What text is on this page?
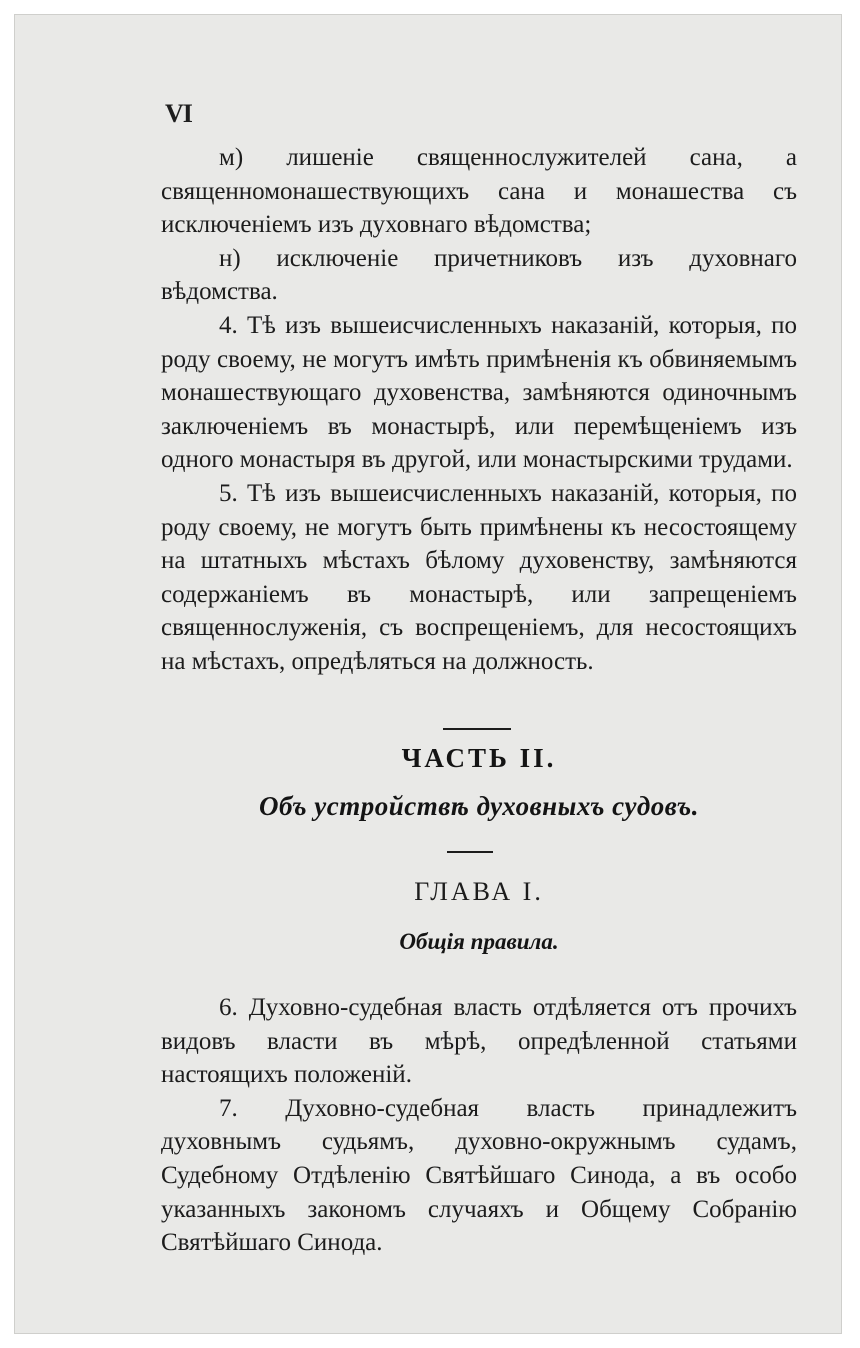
VI

м) лишеніе священнослужителей сана, а священномонашествующихъ сана и монашества съ исключеніемъ изъ духовнаго вѣдомства;

н) исключеніе причетниковъ изъ духовнаго вѣдомства.

4. Тѣ изъ вышеисчисленныхъ наказаній, которыя, по роду своему, не могутъ имѣть примѣненія къ обвиняемымъ монашествующаго духовенства, замѣняются одиночнымъ заключеніемъ въ монастырѣ, или перемѣщеніемъ изъ одного монастыря въ другой, или монастырскими трудами.

5. Тѣ изъ вышеисчисленныхъ наказаній, которыя, по роду своему, не могутъ быть примѣнены къ несостоящему на штатныхъ мѣстахъ бѣлому духовенству, замѣняются содержаніемъ въ монастырѣ, или запрещеніемъ священнослуженія, съ воспрещеніемъ, для несостоящихъ на мѣстахъ, опредѣляться на должность.

ЧАСТЬ II.
Объ устройствѣ духовныхъ судовъ.
ГЛАВА I.
Общія правила.

6. Духовно-судебная власть отдѣляется отъ прочихъ видовъ власти въ мѣрѣ, опредѣленной статьями настоящихъ положеній.

7. Духовно-судебная власть принадлежитъ духовнымъ судьямъ, духовно-окружнымъ судамъ, Судебному Отдѣленію Святѣйшаго Синода, а въ особо указанныхъ закономъ случаяхъ и Общему Собранію Святѣйшаго Синода.
